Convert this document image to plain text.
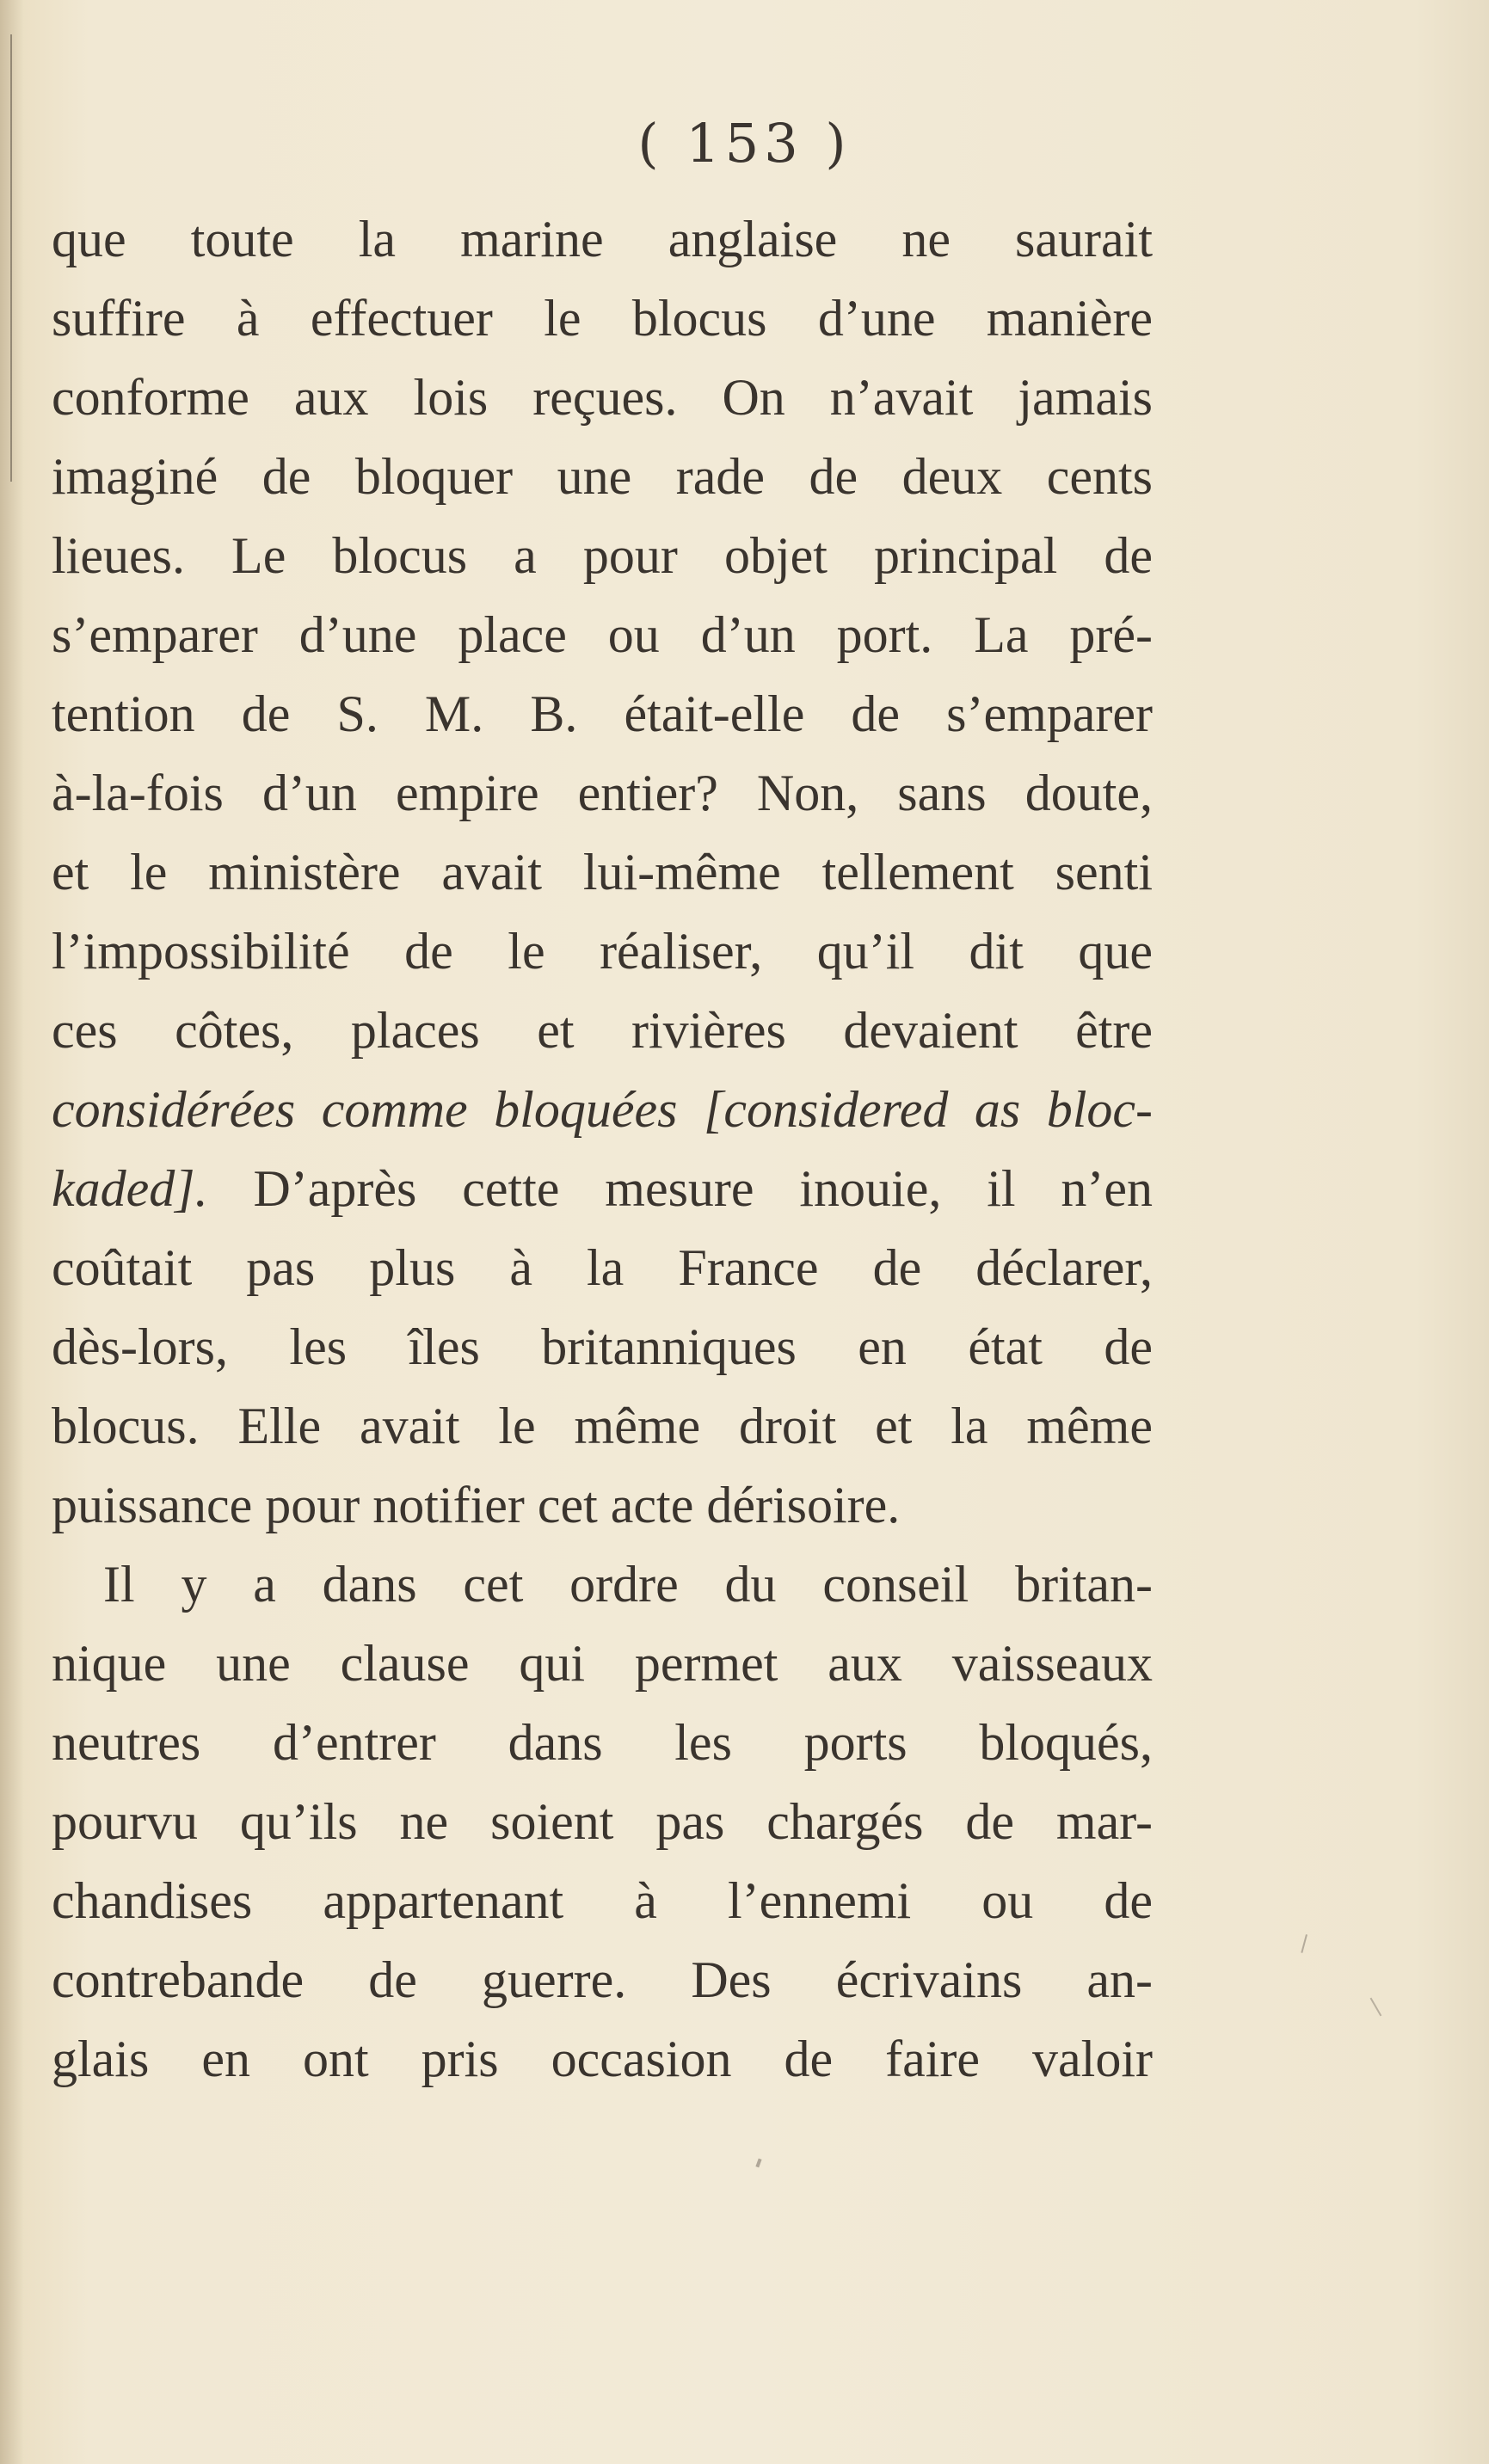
( 153 )
que toute la marine anglaise ne saurait
suffire à effectuer le blocus d’une manière
conforme aux lois reçues. On n’avait jamais
imaginé de bloquer une rade de deux cents
lieues. Le blocus a pour objet principal de
s’emparer d’une place ou d’un port. La pré-
tention de S. M. B. était-elle de s’emparer
à-la-fois d’un empire entier? Non, sans doute,
et le ministère avait lui-même tellement senti
l’impossibilité de le réaliser, qu’il dit que
ces côtes, places et rivières devaient être
considérées comme bloquées [considered as bloc-
kaded]. D’après cette mesure inouie, il n’en
coûtait pas plus à la France de déclarer,
dès-lors, les îles britanniques en état de
blocus. Elle avait le même droit et la même
puissance pour notifier cet acte dérisoire.
Il y a dans cet ordre du conseil britan-
nique une clause qui permet aux vaisseaux
neutres d’entrer dans les ports bloqués,
pourvu qu’ils ne soient pas chargés de mar-
chandises appartenant à l’ennemi ou de
contrebande de guerre. Des écrivains an-
glais en ont pris occasion de faire valoir
